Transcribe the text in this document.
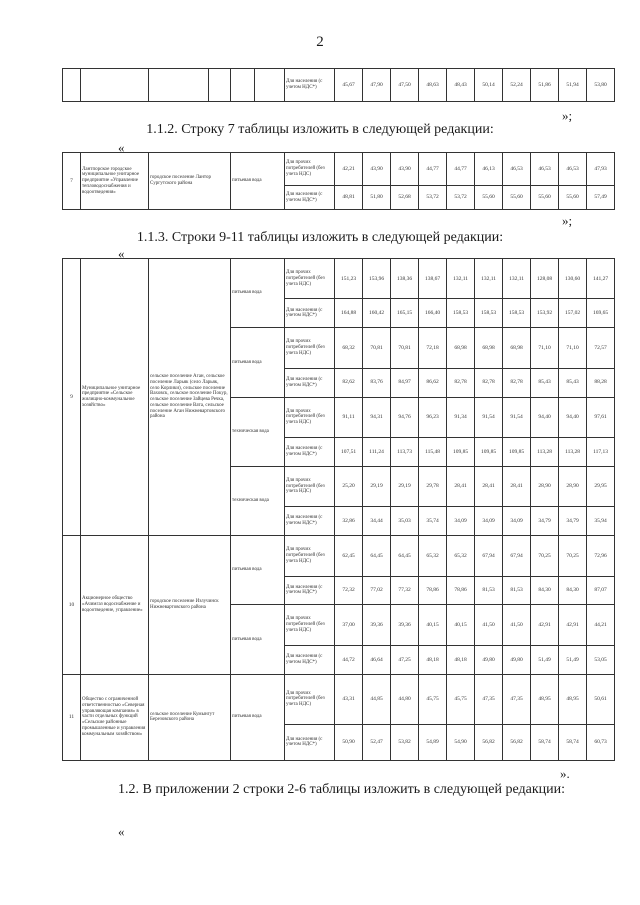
2
						Для населения (с учетом НДС*)	45,67	47,90	47,50	48,63	48,43	50,14	52,24	51,86	51,94	53,80
»;
1.1.2. Строку 7 таблицы изложить в следующей редакции:
«
7	Лантпорское городское муниципальное унитарное предприятие «Управление тепловодоснабжения и водоотведения»	городское поселение Лантор Сургутского района	питьевая вода	Для прочих потребителей (без учета НДС)	42,21	43,90	43,90	44,77	44,77	46,13	46,53	46,53	46,53	47,93
				Для населения (с учетом НДС*)	48,81	51,80	52,68	53,72	53,72	55,60	55,60	55,60	55,60	57,49
»;
1.1.3. Строки 9-11 таблицы изложить в следующей редакции:
«
9	Муниципальное унитарное предприятие «Сельское жилищно-коммунальное хозяйство»	сельское поселение Аган, сельское поселение Ларьяк (село Ларьяк, село Корлики), сельское поселение Ваховск, сельское поселение Покур, сельское поселение Зайцева Речка, сельское поселение Вата, сельское поселение Аган Нижневартовского района	питьевая вода	Для прочих потребителей (без учета НДС)	151,23	153,96	138,36	138,67	132,11	132,11	132,11	128,08	130,60	141,27
				Для населения (с учетом НДС*)	164,88	160,42	165,15	166,40	158,53	158,53	158,53	153,92	157,02	169,65
			питьевая вода	Для прочих потребителей (без учета НДС)	68,32	70,81	70,81	72,18	68,98	68,98	68,98	71,10	71,10	72,57
				Для населения (с учетом НДС*)	82,62	83,76	84,97	86,62	82,78	82,78	82,78	85,43	85,43	88,28
			техническая вода	Для прочих потребителей (без учета НДС)	91,11	94,31	94,76	96,23	91,34	91,54	91,54	94,40	94,40	97,61
				Для населения (с учетом НДС*)	107,51	111,24	113,73	115,48	109,85	109,85	109,85	113,28	113,28	117,13
			техническая вода	Для прочих потребителей (без учета НДС)	25,20	29,19	29,19	29,78	28,41	28,41	28,41	28,90	28,90	29,95
				Для населения (с учетом НДС*)	32,86	34,44	35,03	35,74	34,09	34,09	34,09	34,79	34,79	35,94
10	Акционерное общество «Ачимгаз водоснабжение и водоотведение, управление»	городское поселение Излучинск Нижневартовского района	питьевая вода	Для прочих потребителей (без учета НДС)	62,45	64,45	64,45	65,32	65,32	67,94	67,94	70,25	70,25	72,96
				Для населения (с учетом НДС*)	72,32	77,02	77,32	78,86	78,86	81,53	81,53	84,30	84,30	87,07
			питьевая вода	Для прочих потребителей (без учета НДС)	37,00	39,36	39,36	40,15	40,15	41,50	41,50	42,91	42,91	44,21
				Для населения (с учетом НДС*)	44,72	46,64	47,25	48,18	48,18	49,80	49,80	51,49	51,49	53,05
11	Общество с ограниченной ответственностью «Северная управляющая компания» в части отдельных функций «Сельские районные промышленные и управления коммунальным хозяйством»	сельское поселение Кумынгут Березовского района	питьевая вода	Для прочих потребителей (без учета НДС)	43,31	44,85	44,80	45,75	45,75	47,35	47,35	48,95	48,95	50,61
				Для населения (с учетом НДС*)	50,90	52,47	53,82	54,89	54,90	56,82	56,82	58,74	58,74	60,73
».
1.2. В приложении 2 строки 2-6 таблицы изложить в следующей редакции:
«
